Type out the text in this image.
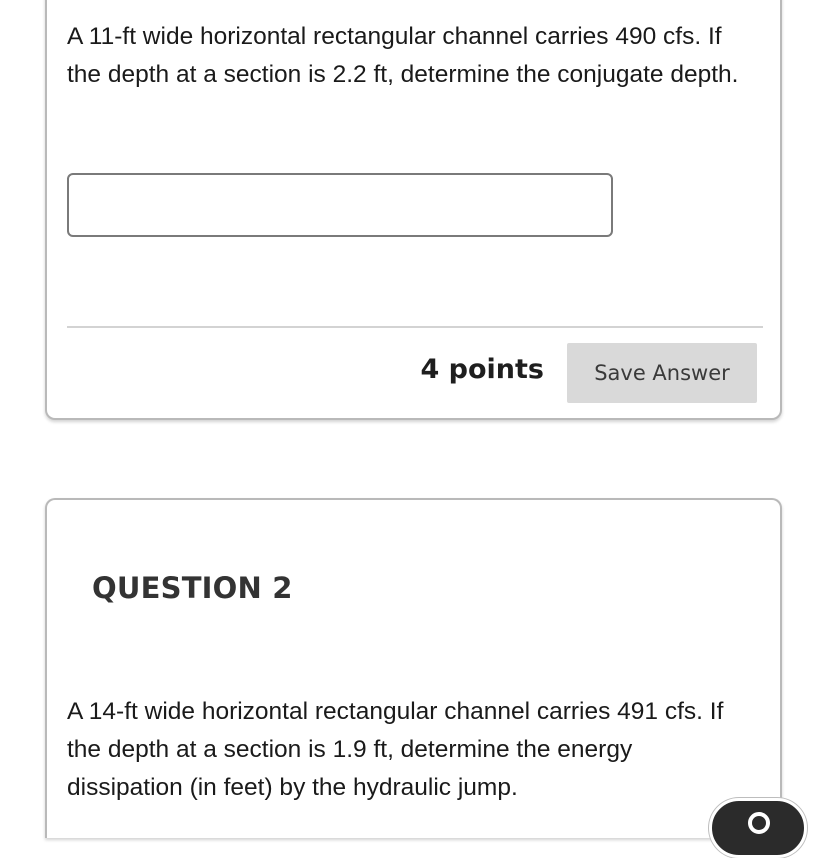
A 11-ft wide horizontal rectangular channel carries 490 cfs. If the depth at a section is 2.2 ft, determine the conjugate depth.

4 points	Save Answer
QUESTION 2

A 14-ft wide horizontal rectangular channel carries 491 cfs. If the depth at a section is 1.9 ft, determine the energy dissipation (in feet) by the hydraulic jump.
